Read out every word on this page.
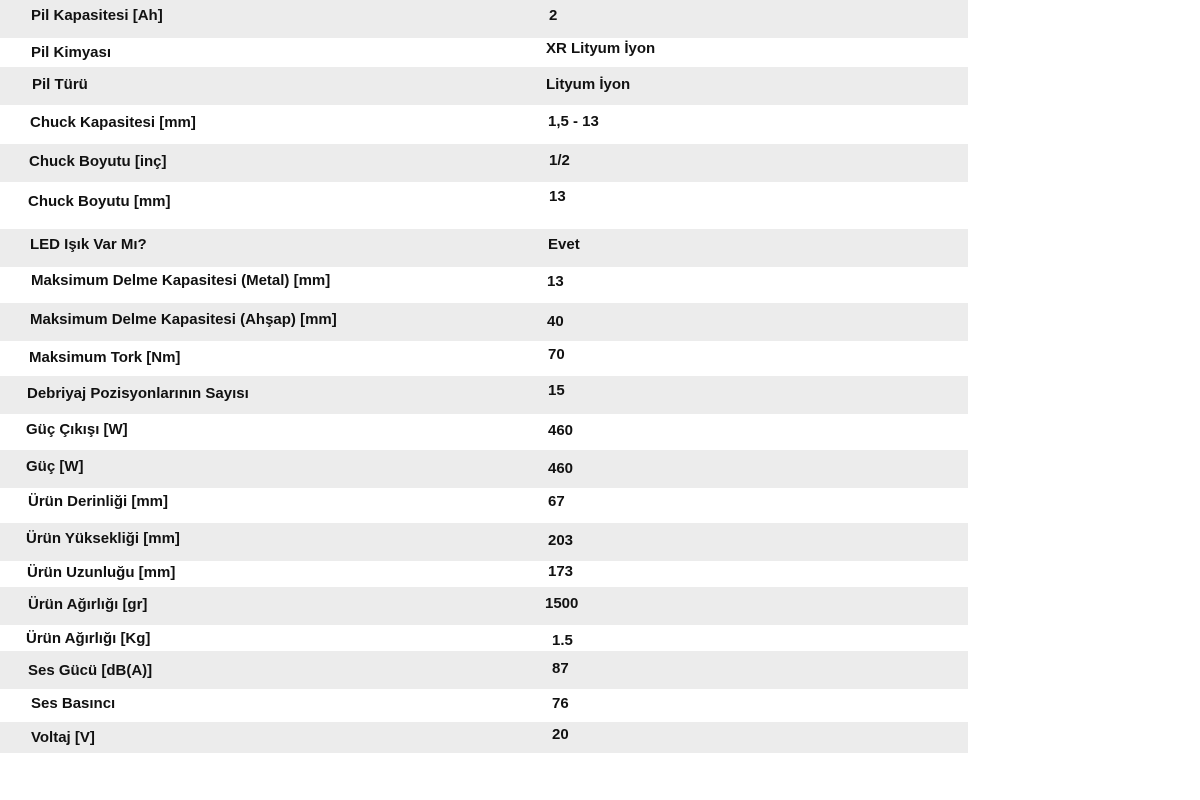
Pil Kapasitesi [Ah]	2
Pil Kimyası	XR Lityum İyon
Pil Türü	Lityum İyon
Chuck Kapasitesi [mm]	1,5 - 13
Chuck Boyutu [inç]	1/2
Chuck Boyutu [mm]	13
LED Işık Var Mı?	Evet
Maksimum Delme Kapasitesi (Metal) [mm]	13
Maksimum Delme Kapasitesi (Ahşap) [mm]	40
Maksimum Tork [Nm]	70
Debriyaj Pozisyonlarının Sayısı	15
Güç Çıkışı [W]	460
Güç [W]	460
Ürün Derinliği [mm]	67
Ürün Yüksekliği [mm]	203
Ürün Uzunluğu [mm]	173
Ürün Ağırlığı [gr]	1500
Ürün Ağırlığı [Kg]	1.5
Ses Gücü [dB(A)]	87
Ses Basıncı	76
Voltaj [V]	20
